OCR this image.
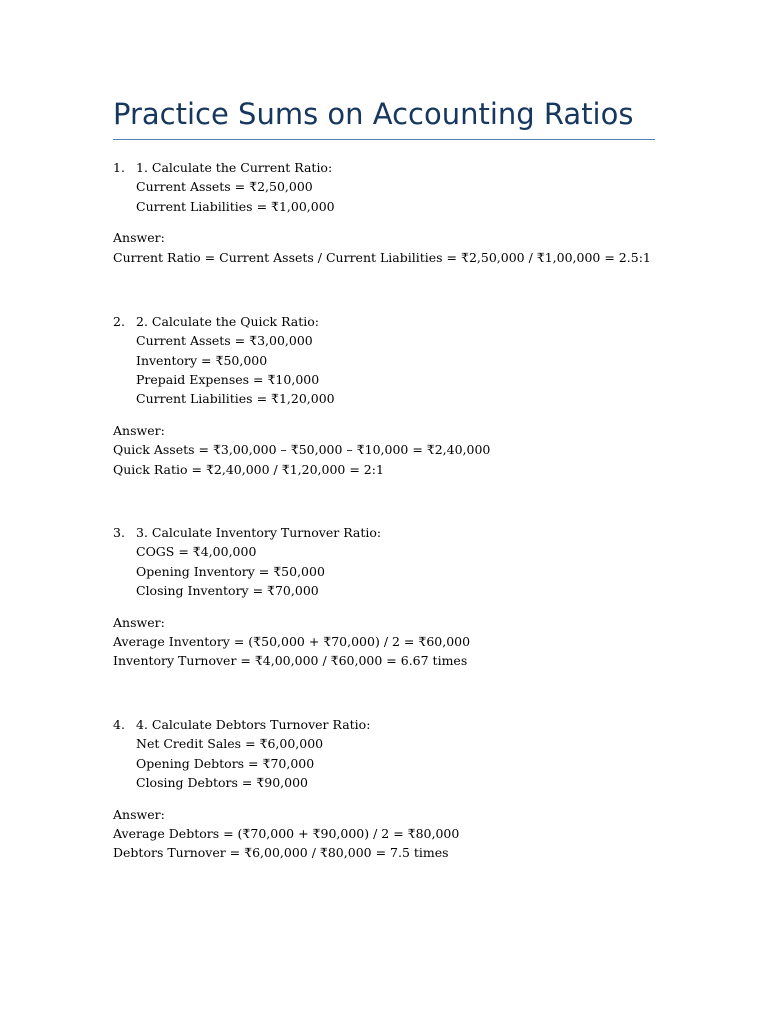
Practice Sums on Accounting Ratios
1. 1. Calculate the Current Ratio:
Current Assets = ₹2,50,000
Current Liabilities = ₹1,00,000
Answer:
Current Ratio = Current Assets / Current Liabilities = ₹2,50,000 / ₹1,00,000 = 2.5:1
2. 2. Calculate the Quick Ratio:
Current Assets = ₹3,00,000
Inventory = ₹50,000
Prepaid Expenses = ₹10,000
Current Liabilities = ₹1,20,000
Answer:
Quick Assets = ₹3,00,000 – ₹50,000 – ₹10,000 = ₹2,40,000
Quick Ratio = ₹2,40,000 / ₹1,20,000 = 2:1
3. 3. Calculate Inventory Turnover Ratio:
COGS = ₹4,00,000
Opening Inventory = ₹50,000
Closing Inventory = ₹70,000
Answer:
Average Inventory = (₹50,000 + ₹70,000) / 2 = ₹60,000
Inventory Turnover = ₹4,00,000 / ₹60,000 = 6.67 times
4. 4. Calculate Debtors Turnover Ratio:
Net Credit Sales = ₹6,00,000
Opening Debtors = ₹70,000
Closing Debtors = ₹90,000
Answer:
Average Debtors = (₹70,000 + ₹90,000) / 2 = ₹80,000
Debtors Turnover = ₹6,00,000 / ₹80,000 = 7.5 times
